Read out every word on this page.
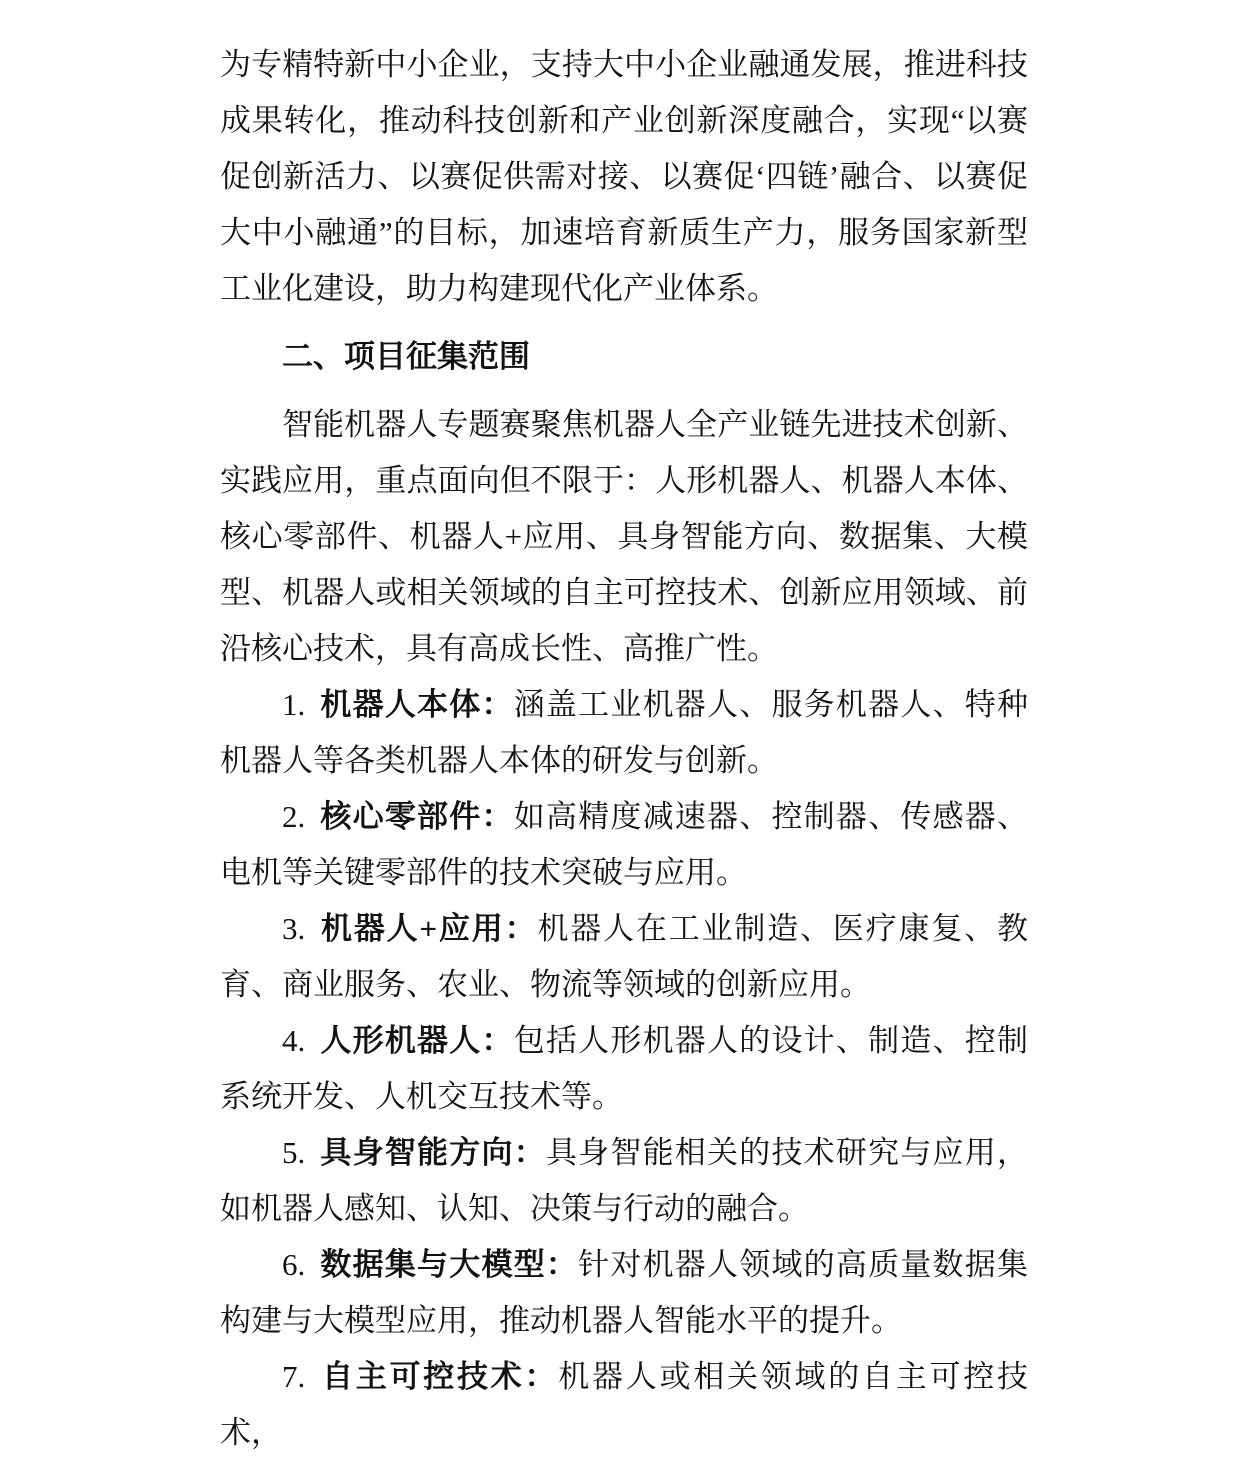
为专精特新中小企业，支持大中小企业融通发展，推进科技成果转化，推动科技创新和产业创新深度融合，实现“以赛促创新活力、以赛促供需对接、以赛促‘四链’融合、以赛促大中小融通”的目标，加速培育新质生产力，服务国家新型工业化建设，助力构建现代化产业体系。

二、项目征集范围

智能机器人专题赛聚焦机器人全产业链先进技术创新、实践应用，重点面向但不限于：人形机器人、机器人本体、核心零部件、机器人+应用、具身智能方向、数据集、大模型、机器人或相关领域的自主可控技术、创新应用领域、前沿核心技术，具有高成长性、高推广性。

1. 机器人本体：涵盖工业机器人、服务机器人、特种机器人等各类机器人本体的研发与创新。

2. 核心零部件：如高精度减速器、控制器、传感器、电机等关键零部件的技术突破与应用。

3. 机器人+应用：机器人在工业制造、医疗康复、教育、商业服务、农业、物流等领域的创新应用。

4. 人形机器人：包括人形机器人的设计、制造、控制系统开发、人机交互技术等。

5. 具身智能方向：具身智能相关的技术研究与应用，如机器人感知、认知、决策与行动的融合。

6. 数据集与大模型：针对机器人领域的高质量数据集构建与大模型应用，推动机器人智能水平的提升。

7. 自主可控技术：机器人或相关领域的自主可控技术，
